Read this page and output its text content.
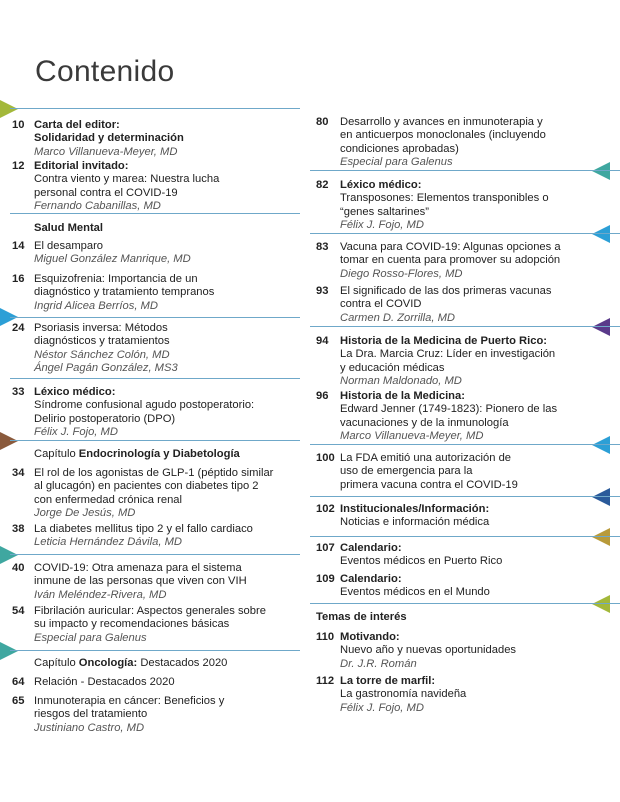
Contenido
10 Carta del editor:
Solidaridad y determinación
Marco Villanueva-Meyer, MD
12 Editorial invitado:
Contra viento y marea: Nuestra lucha
personal contra el COVID-19
Fernando Cabanillas, MD
Salud Mental
14 El desamparo
Miguel González Manrique, MD
16 Esquizofrenia: Importancia de un
diagnóstico y tratamiento tempranos
Ingrid Alicea Berríos, MD
24 Psoriasis inversa: Métodos
diagnósticos y tratamientos
Néstor Sánchez Colón, MD
Ángel Pagán González, MS3
33 Léxico médico:
Síndrome confusional agudo postoperatorio:
Delirio postoperatorio (DPO)
Félix J. Fojo, MD
Capítulo Endocrinología y Diabetología
34 El rol de los agonistas de GLP-1 (péptido similar
al glucagón) en pacientes con diabetes tipo 2
con enfermedad crónica renal
Jorge De Jesús, MD
38 La diabetes mellitus tipo 2 y el fallo cardiaco
Leticia Hernández Dávila, MD
40 COVID-19: Otra amenaza para el sistema
inmune de las personas que viven con VIH
Iván Meléndez-Rivera, MD
54 Fibrilación auricular: Aspectos generales sobre
su impacto y recomendaciones básicas
Especial para Galenus
Capítulo Oncología: Destacados 2020
64 Relación - Destacados 2020
65 Inmunoterapia en cáncer: Beneficios y
riesgos del tratamiento
Justiniano Castro, MD
80 Desarrollo y avances en inmunoterapia y
en anticuerpos monoclonales (incluyendo
condiciones aprobadas)
Especial para Galenus
82 Léxico médico:
Transposones: Elementos transponibles o
“genes saltarines”
Félix J. Fojo, MD
83 Vacuna para COVID-19: Algunas opciones a
tomar en cuenta para promover su adopción
Diego Rosso-Flores, MD
93 El significado de las dos primeras vacunas
contra el COVID
Carmen D. Zorrilla, MD
94 Historia de la Medicina de Puerto Rico:
La Dra. Marcia Cruz: Líder en investigación
y educación médicas
Norman Maldonado, MD
96 Historia de la Medicina:
Edward Jenner (1749-1823): Pionero de las
vacunaciones y de la inmunología
Marco Villanueva-Meyer, MD
100 La FDA emitió una autorización de
uso de emergencia para la
primera vacuna contra el COVID-19
102 Institucionales/Información:
Noticias e información médica
107 Calendario:
Eventos médicos en Puerto Rico
109 Calendario:
Eventos médicos en el Mundo
Temas de interés
110 Motivando:
Nuevo año y nuevas oportunidades
Dr. J.R. Román
112 La torre de marfil:
La gastronomía navideña
Félix J. Fojo, MD
